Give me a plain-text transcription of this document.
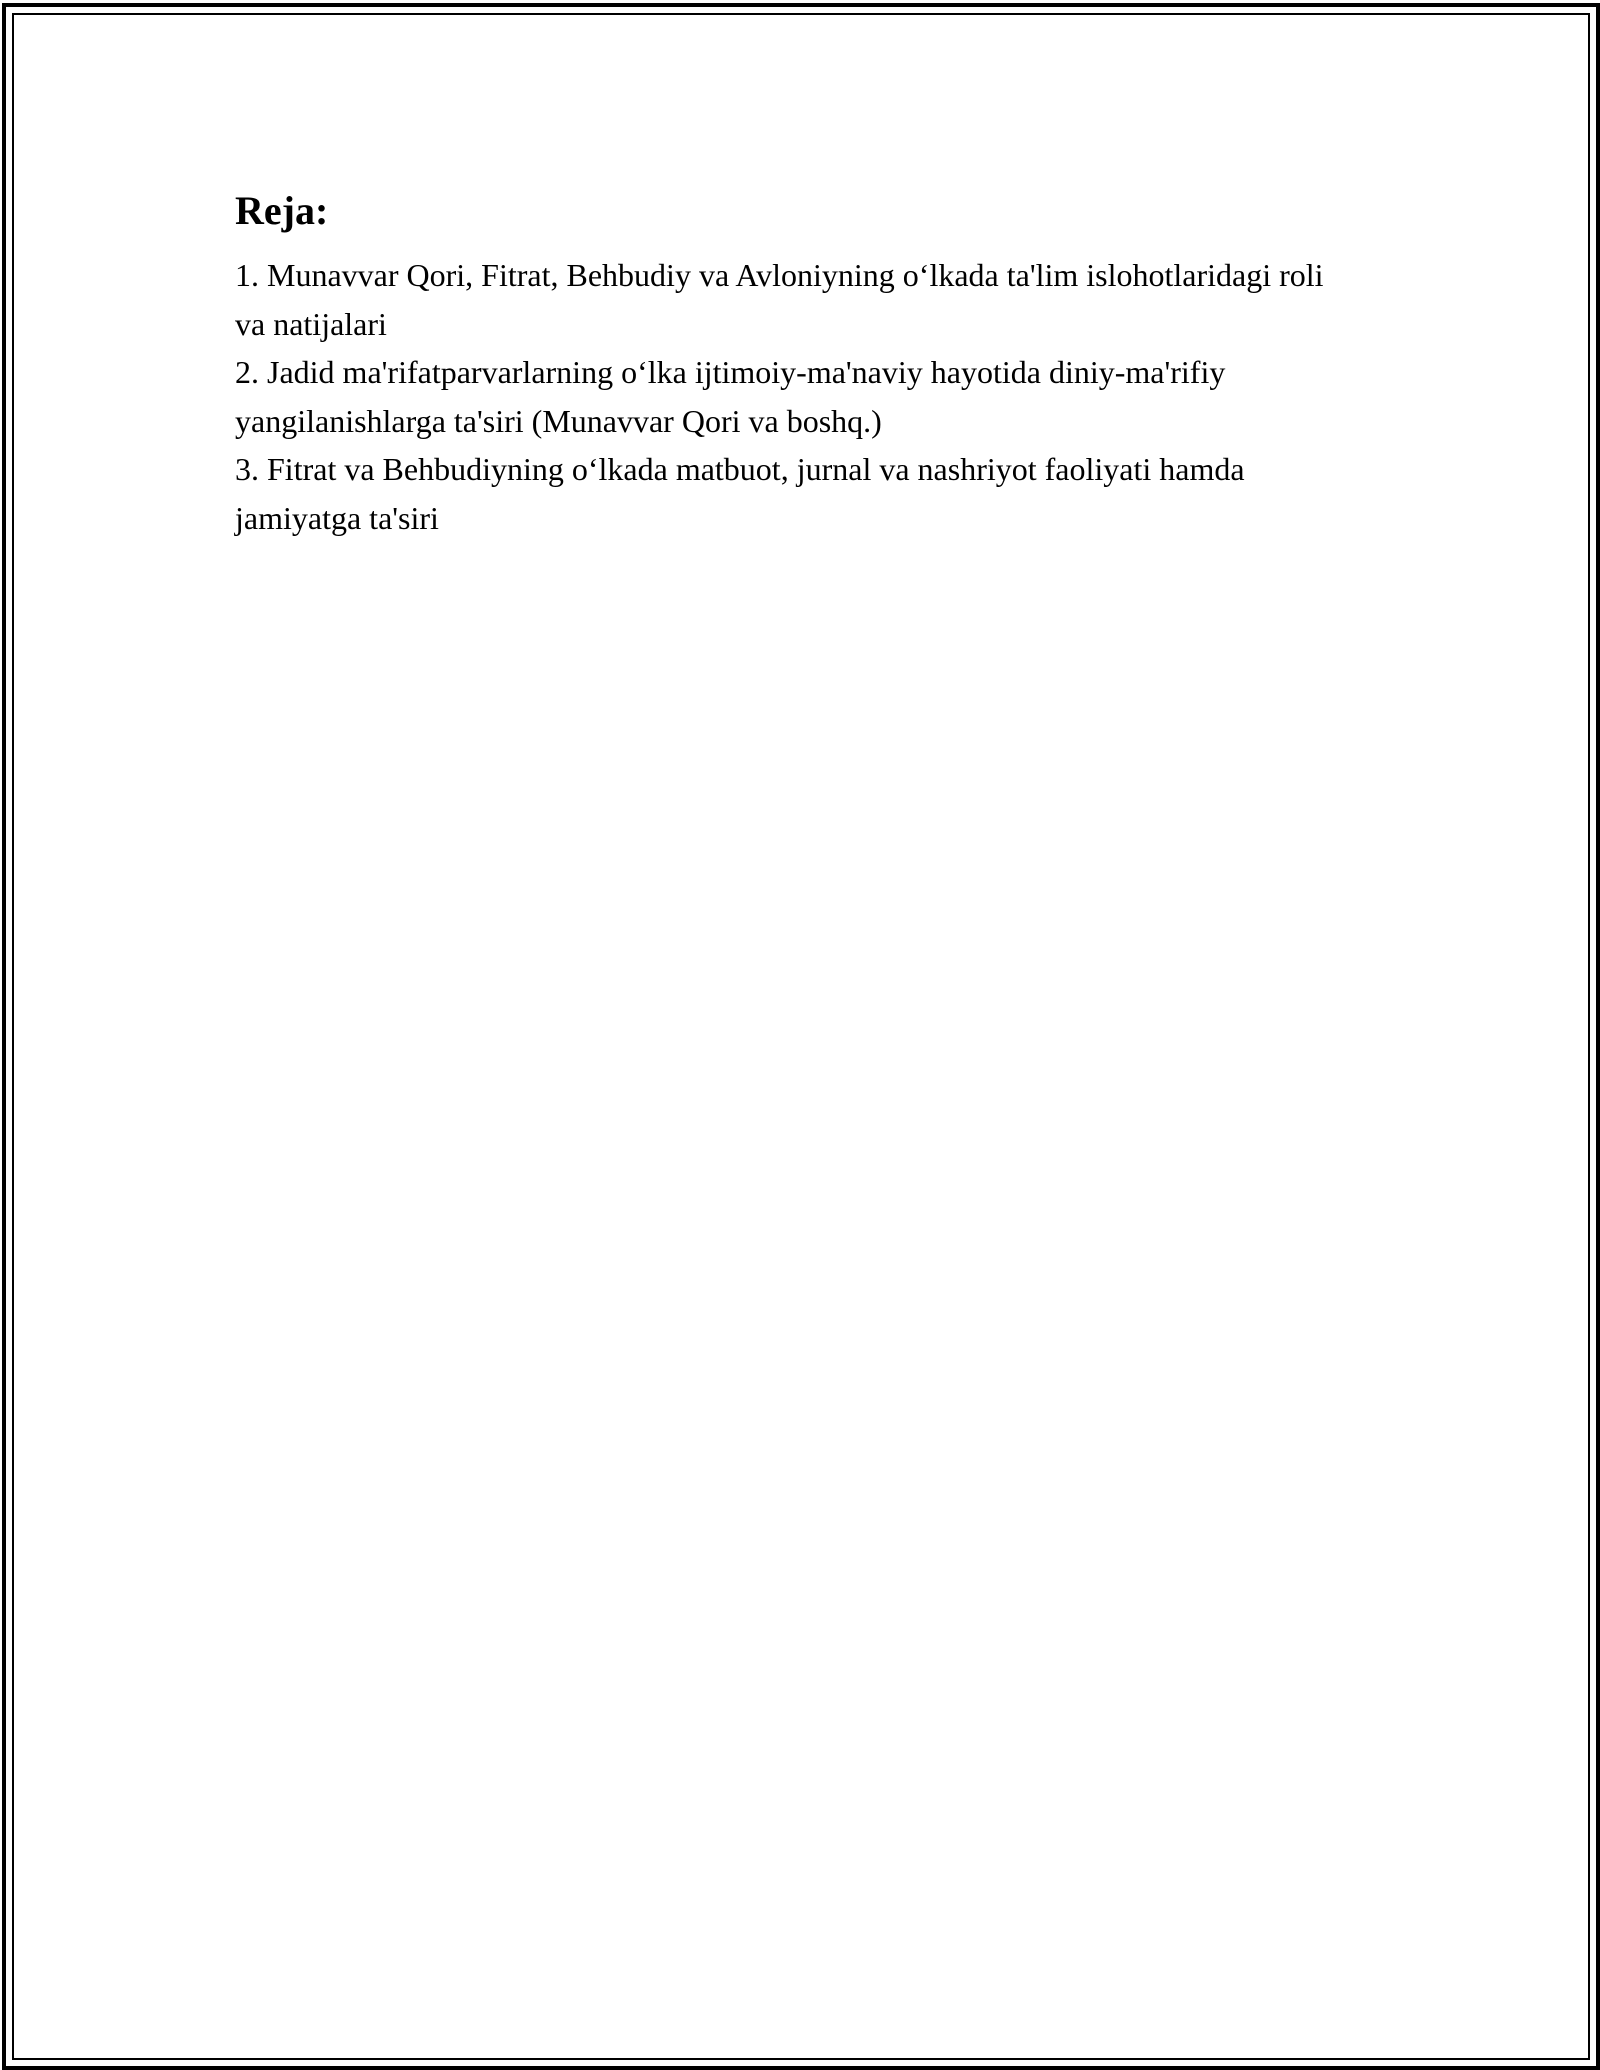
Reja:
1. Munavvar Qori, Fitrat, Behbudiy va Avloniyning oʻlkada ta'lim islohotlaridagi roli va natijalari
2. Jadid ma'rifatparvarlarning oʻlka ijtimoiy-ma'naviy hayotida diniy-ma'rifiy yangilanishlarga ta'siri (Munavvar Qori va boshq.)
3. Fitrat va Behbudiyning oʻlkada matbuot, jurnal va nashriyot faoliyati hamda jamiyatga ta'siri
